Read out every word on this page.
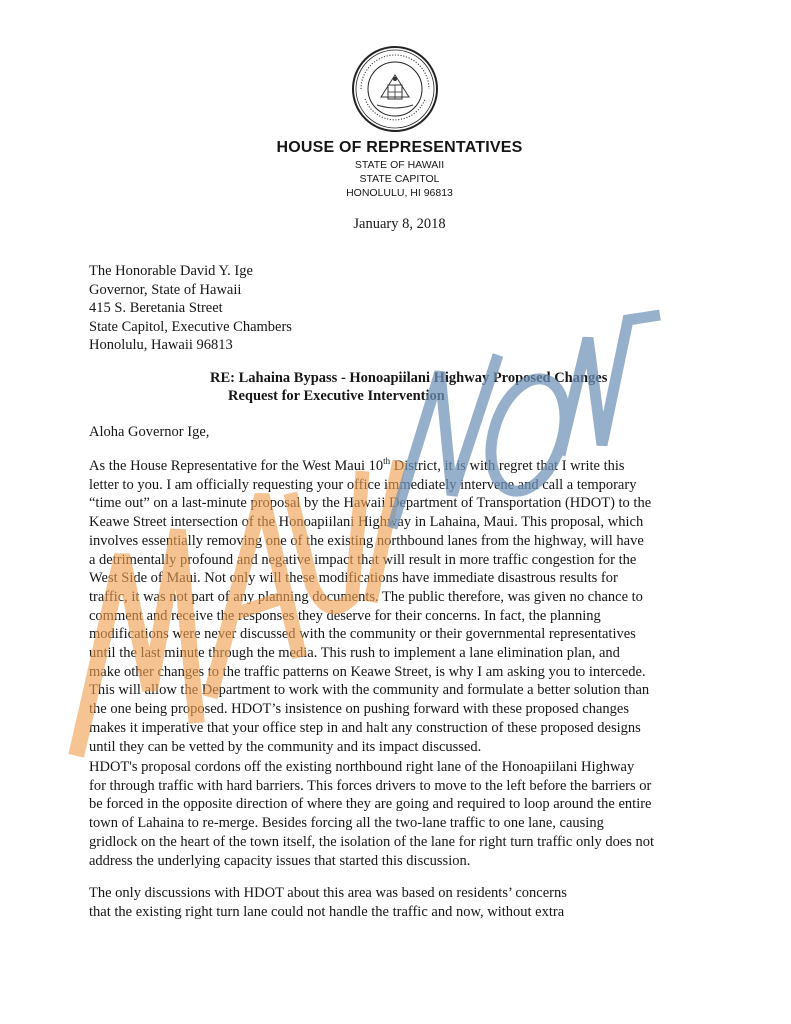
HOUSE OF REPRESENTATIVES
STATE OF HAWAII
STATE CAPITOL
HONOLULU, HI 96813
January 8, 2018
The Honorable David Y. Ige
Governor, State of Hawaii
415 S. Beretania Street
State Capitol, Executive Chambers
Honolulu, Hawaii 96813
RE: Lahaina Bypass - Honoapiilani Highway Proposed Changes
Request for Executive Intervention
Aloha Governor Ige,
As the House Representative for the West Maui 10th District, it is with regret that I write this
letter to you. I am officially requesting your office immediately intervene and call a temporary
“time out” on a last-minute proposal by the Hawaii Department of Transportation (HDOT) to the
Keawe Street intersection of the Honoapiilani Highway in Lahaina, Maui. This proposal, which
involves essentially removing one of the existing northbound lanes from the highway, will have
a detrimentally profound and negative impact that will result in more traffic congestion for the
West Side of Maui. Not only will these modifications have immediate disastrous results for
traffic, it was not part of any planning documents. The public therefore, was given no chance to
comment and receive the responses they deserve for their concerns. In fact, the planning
modifications were never discussed with the community or their governmental representatives
until the last minute through the media. This rush to implement a lane elimination plan, and
make other changes to the traffic patterns on Keawe Street, is why I am asking you to intercede.
This will allow the Department to work with the community and formulate a better solution than
the one being proposed. HDOT’s insistence on pushing forward with these proposed changes
makes it imperative that your office step in and halt any construction of these proposed designs
until they can be vetted by the community and its impact discussed.
HDOT's proposal cordons off the existing northbound right lane of the Honoapiilani Highway
for through traffic with hard barriers. This forces drivers to move to the left before the barriers or
be forced in the opposite direction of where they are going and required to loop around the entire
town of Lahaina to re-merge. Besides forcing all the two-lane traffic to one lane, causing
gridlock on the heart of the town itself, the isolation of the lane for right turn traffic only does not
address the underlying capacity issues that started this discussion.
The only discussions with HDOT about this area was based on residents’ concerns
that the existing right turn lane could not handle the traffic and now, without extra
